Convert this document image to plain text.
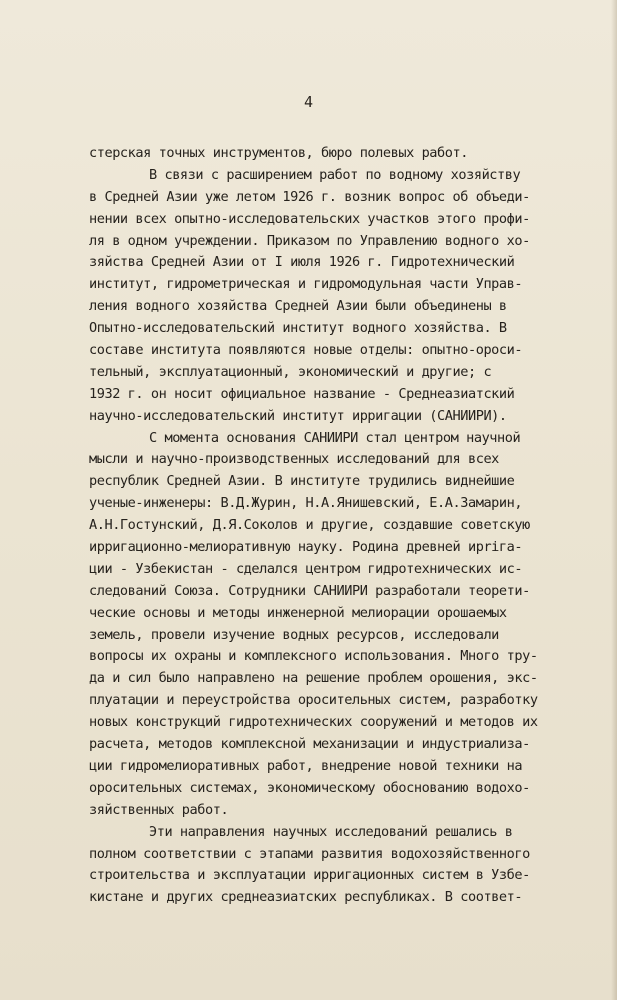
4
стерская точных инструментов, бюро полевых работ.
В связи с расширением работ по водному хозяйству
в Средней Азии уже летом 1926 г. возник вопрос об объеди-
нении всех опытно-исследовательских участков этого профи-
ля в одном учреждении. Приказом по Управлению водного хо-
зяйства Средней Азии от I июля 1926 г. Гидротехнический
институт, гидрометрическая и гидромодульная части Управ-
ления водного хозяйства Средней Азии были объединены в
Опытно-исследовательский институт водного хозяйства. В
составе института появляются новые отделы: опытно-ороси-
тельный, эксплуатационный, экономический и другие; с
1932 г. он носит официальное название - Среднеазиатский
научно-исследовательский институт ирригации (САНИИРИ).
С момента основания САНИИРИ стал центром научной
мысли и научно-производственных исследований для всех
республик Средней Азии. В институте трудились виднейшие
ученые-инженеры: В.Д.Журин, Н.А.Янишевский, Е.А.Замарин,
А.Н.Гостунский, Д.Я.Соколов и другие, создавшие советскую
ирригационно-мелиоративную науку. Родина древней ирriга-
ции - Узбекистан - сделался центром гидротехнических ис-
следований Союза. Сотрудники САНИИРИ разработали теорети-
ческие основы и методы инженерной мелиорации орошаемых
земель, провели изучение водных ресурсов, исследовали
вопросы их охраны и комплексного использования. Много тру-
да и сил было направлено на решение проблем орошения, экс-
плуатации и переустройства оросительных систем, разработку
новых конструкций гидротехнических сооружений и методов их
расчета, методов комплексной механизации и индустриализа-
ции гидромелиоративных работ, внедрение новой техники на
оросительных системах, экономическому обоснованию водохо-
зяйственных работ.
Эти направления научных исследований решались в
полном соответствии с этапами развития водохозяйственного
строительства и эксплуатации ирригационных систем в Узбе-
кистане и других среднеазиатских республиках. В соответ-
